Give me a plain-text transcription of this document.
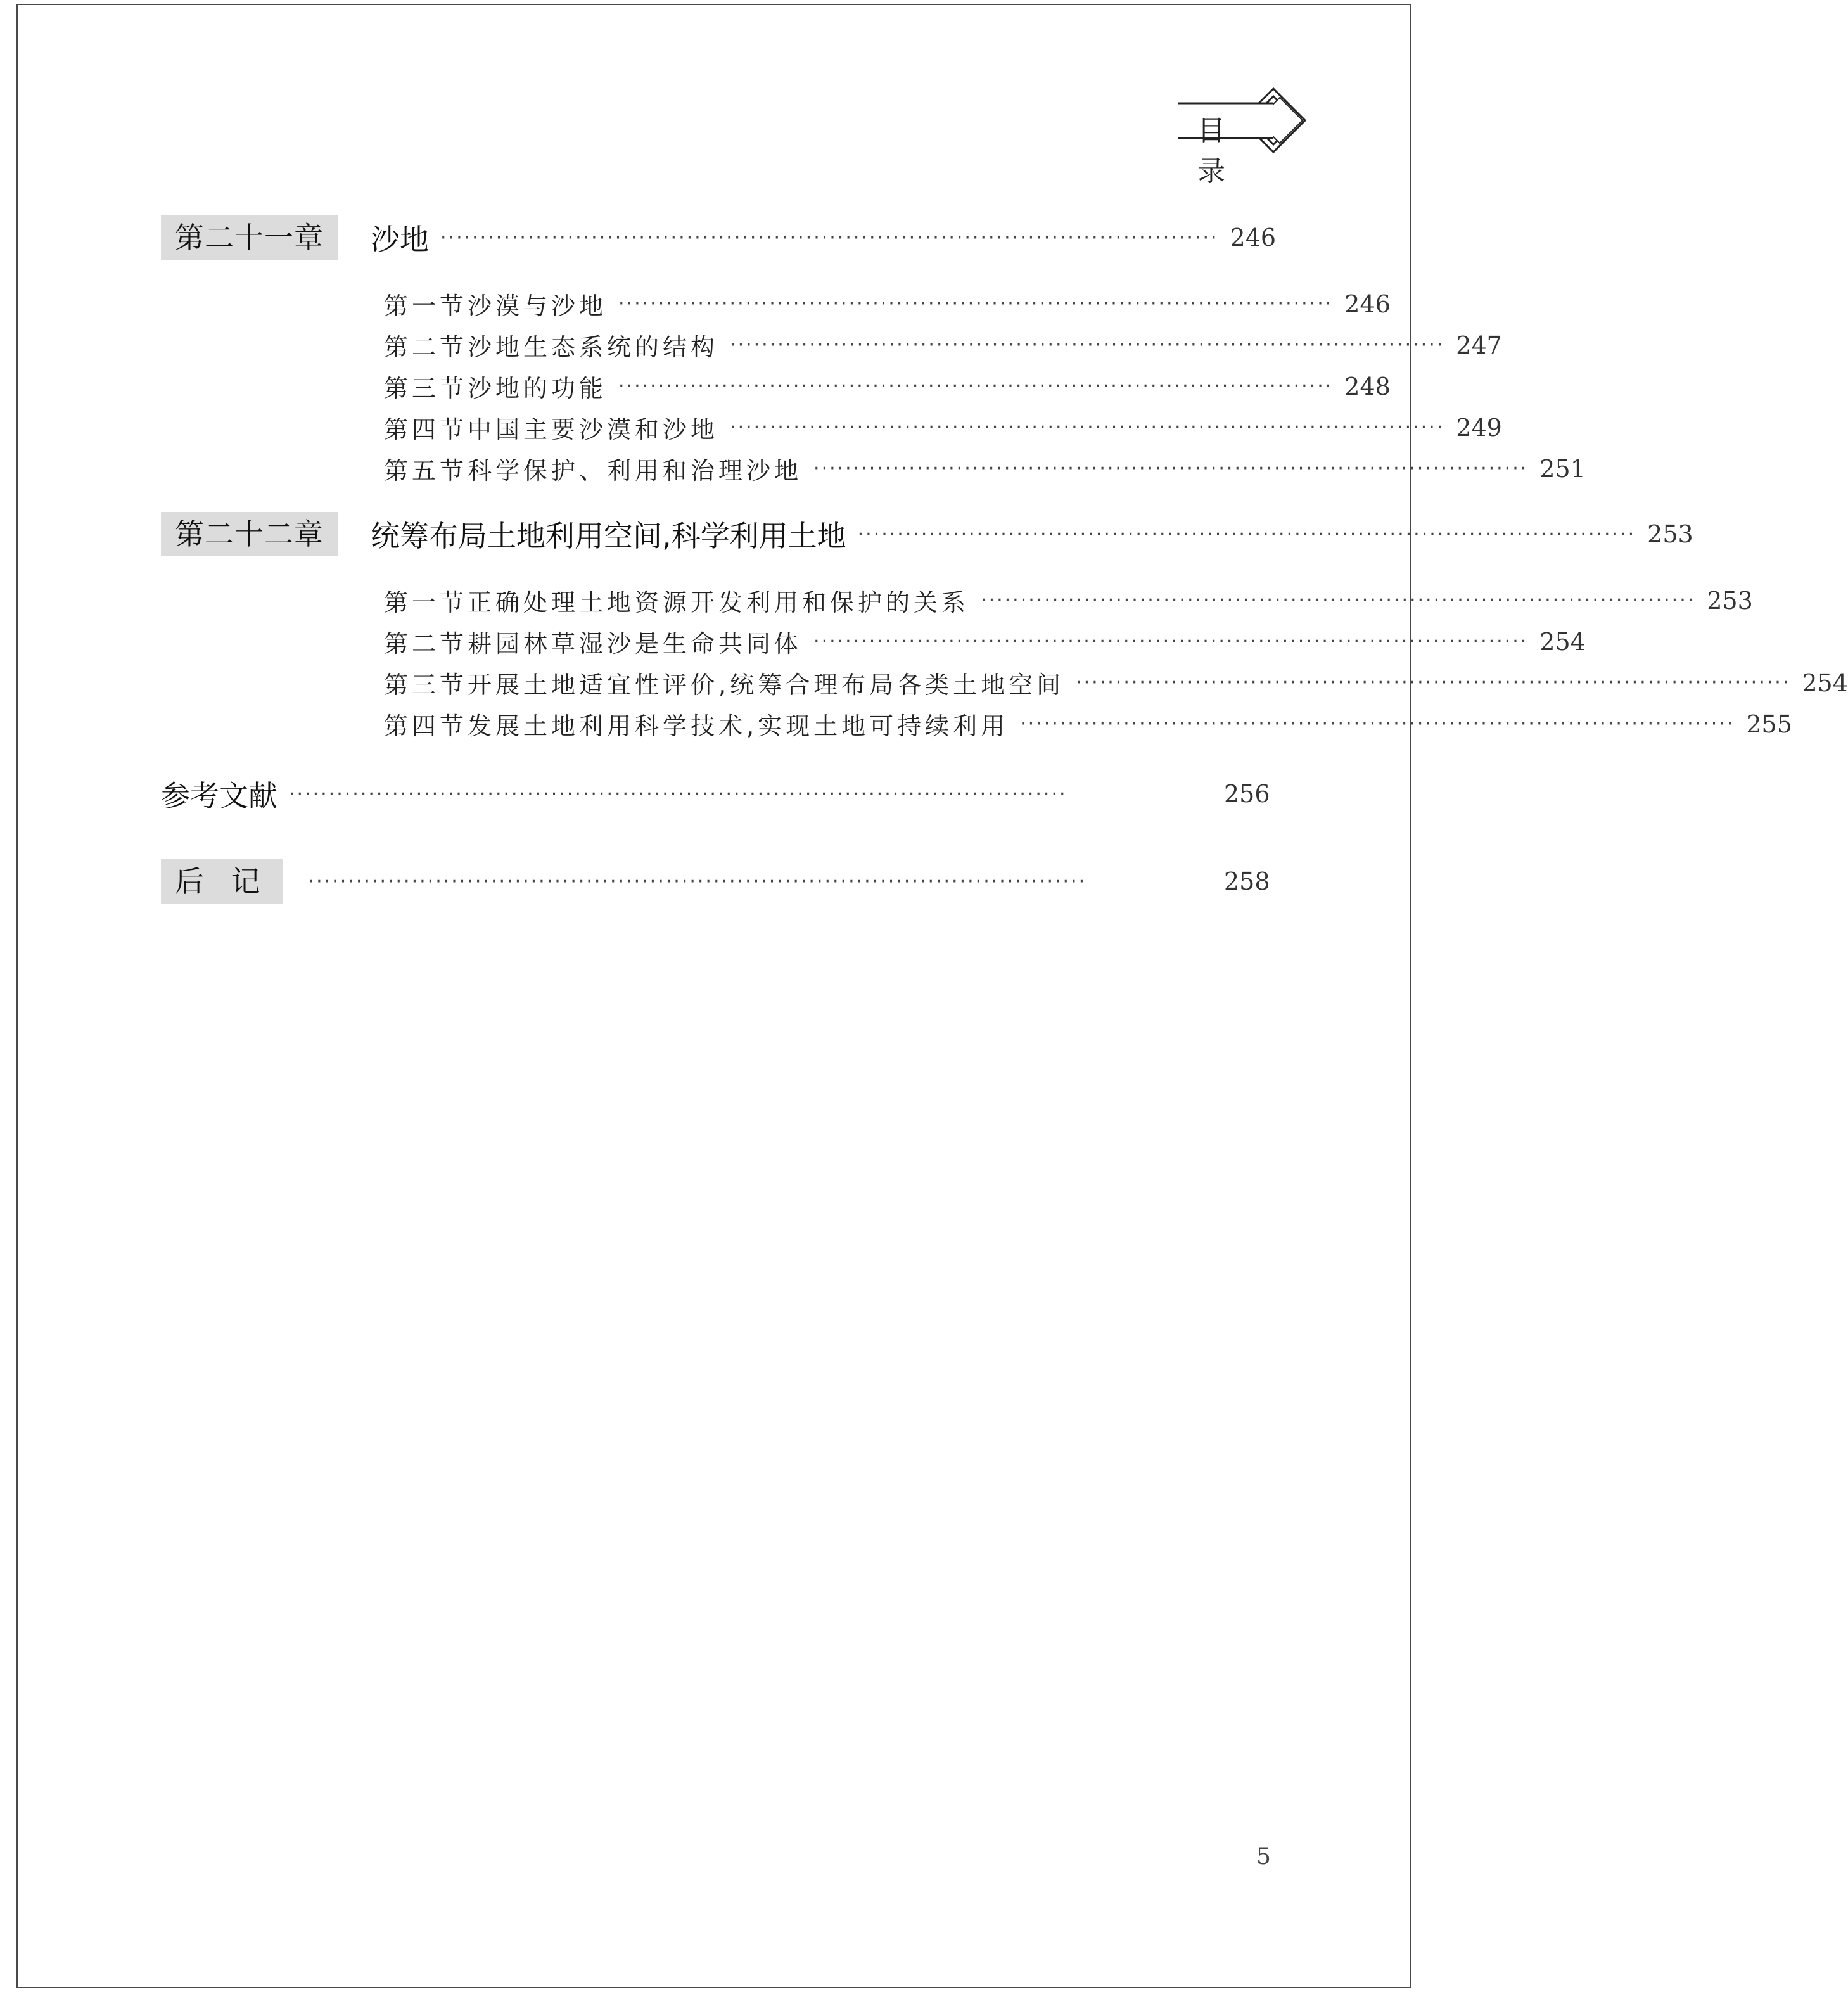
目 录
第二十一章	沙地 ·································································································· 246
第一节 沙漠与沙地 ·························································································· 246
第二节 沙地生态系统的结构 ·························································································· 247
第三节 沙地的功能 ·························································································· 248
第四节 中国主要沙漠和沙地 ·························································································· 249
第五节 科学保护、利用和治理沙地 ·························································································· 251
第二十二章	统筹布局土地利用空间,科学利用土地 ·································································································· 253
第一节 正确处理土地资源开发利用和保护的关系 ·························································································· 253
第二节 耕园林草湿沙是生命共同体 ·························································································· 254
第三节 开展土地适宜性评价,统筹合理布局各类土地空间 ·························································································· 254
第四节 发展土地利用科学技术,实现土地可持续利用 ·························································································· 255
参考文献 ··································································································	256
后 记	··································································································	258
5
